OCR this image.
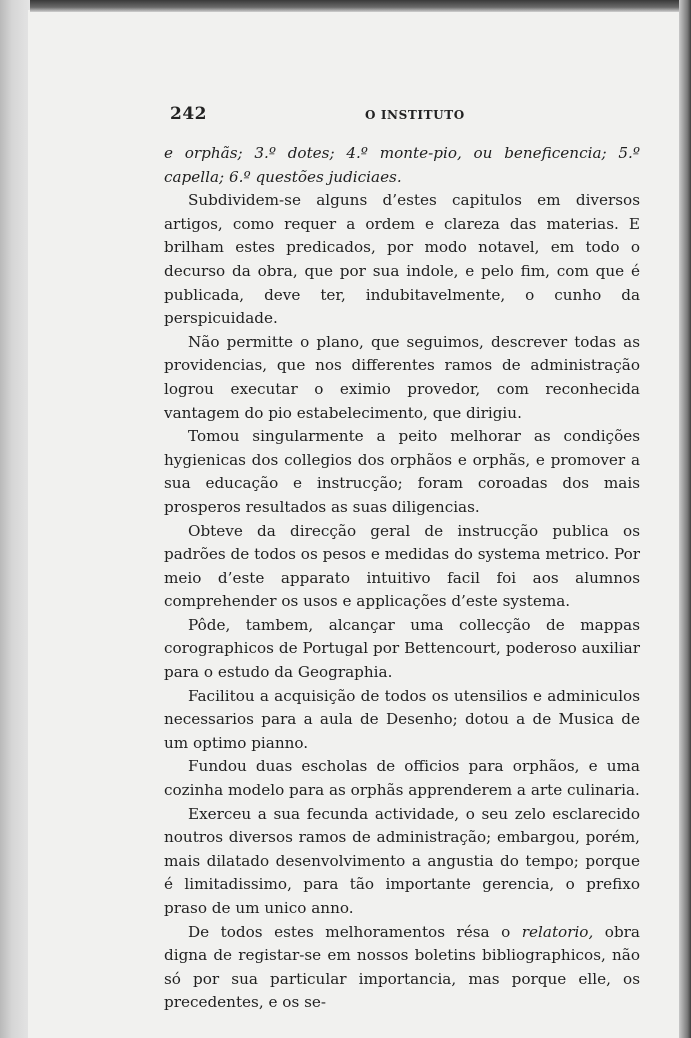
242	O INSTITUTO

e orphãs; 3.º dotes; 4.º monte-pio, ou beneficencia; 5.º capella; 6.º questões judiciaes.

Subdividem-se alguns d’estes capitulos em diversos artigos, como requer a ordem e clareza das materias. E brilham estes predicados, por modo notavel, em todo o decurso da obra, que por sua indole, e pelo fim, com que é publicada, deve ter, indubitavelmente, o cunho da perspicuidade.

Não permitte o plano, que seguimos, descrever todas as providencias, que nos differentes ramos de administração logrou executar o eximio provedor, com reconhecida vantagem do pio estabelecimento, que dirigiu.

Tomou singularmente a peito melhorar as condições hygienicas dos collegios dos orphãos e orphãs, e promover a sua educação e instrucção; foram coroadas dos mais prosperos resultados as suas diligencias.

Obteve da direcção geral de instrucção publica os padrões de todos os pesos e medidas do systema metrico. Por meio d’este apparato intuitivo facil foi aos alumnos comprehender os usos e applicações d’este systema.

Pôde, tambem, alcançar uma collecção de mappas corographicos de Portugal por Bettencourt, poderoso auxiliar para o estudo da Geographia.

Facilitou a acquisição de todos os utensilios e adminiculos necessarios para a aula de Desenho; dotou a de Musica de um optimo pianno.

Fundou duas escholas de officios para orphãos, e uma cozinha modelo para as orphãs apprenderem a arte culinaria.

Exerceu a sua fecunda actividade, o seu zelo esclarecido noutros diversos ramos de administração; embargou, porém, mais dilatado desenvolvimento a angustia do tempo; porque é limitadissimo, para tão importante gerencia, o prefixo praso de um unico anno.

De todos estes melhoramentos résa o relatorio, obra digna de registar-se em nossos boletins bibliographicos, não só por sua particular importancia, mas porque elle, os precedentes, e os se-
